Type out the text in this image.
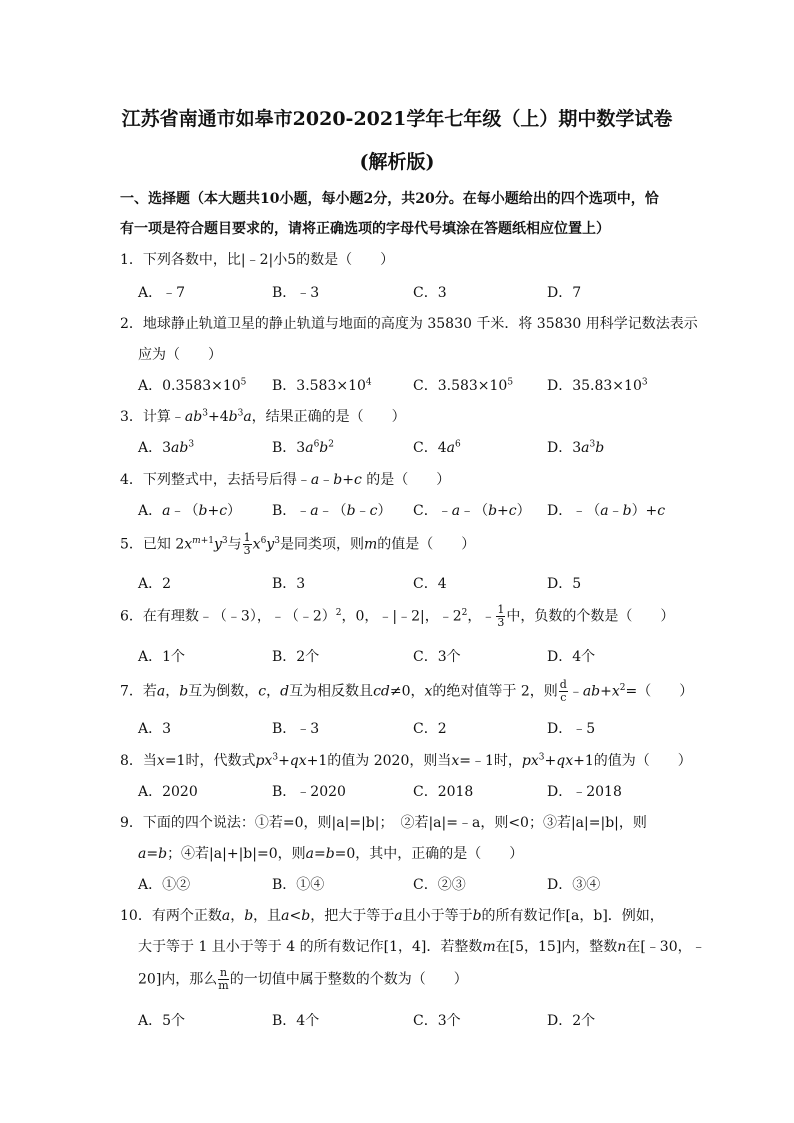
江苏省南通市如皋市2020-2021学年七年级（上）期中数学试卷
(解析版)
一、选择题（本大题共10小题，每小题2分，共20分。在每小题给出的四个选项中，恰
有一项是符合题目要求的，请将正确选项的字母代号填涂在答题纸相应位置上）
1．下列各数中，比|﹣2|小5的数是（　　）
A．﹣7	B．﹣3	C．3	D．7
2．地球静止轨道卫星的静止轨道与地面的高度为 35830 千米．将 35830 用科学记数法表示
应为（　　）
A．$0.3583\times 10^5$ B．$3.583\times 10^4$	C．$3.583\times 10^5$ D．$35.83\times 10^3$
3．计算$﹣ab^3+4b^3a$，结果正确的是（　　）
A．$3ab^3$	B．$3a^6b^2$	C．$4a^6$	D．$3a^3b$
4．下列整式中，去括号后得﹣a﹣b+c 的是（　　）
A．a﹣（b+c） B．﹣a﹣（b﹣c） C．﹣a﹣（b+c） D．﹣（a﹣b）+c
5．已知 $2x^{m+1}y^3$与 $\frac{1}{3} x^6y^3$是同类项，则m的值是（　　）
A．2	B．3	C．4	D．5
6．在有理数﹣（﹣3），﹣（﹣2）$^2$，0，﹣|﹣2|，$﹣2^2$，﹣ $\frac{1}{3}$ 中，负数的个数是（　　）
A．1个	B．2个	C．3个	D．4个
7．若a，b互为倒数，c，d互为相反数且cd≠0，x的绝对值等于 2，则 $\frac{d}{c}$ $﹣ab+x^2=$（　　）
A．3	B．﹣3	C．2	D．﹣5
8．当x=1时，代数式$px^3+qx+1$的值为 2020，则当x=﹣1时，$px^3+qx+1$的值为（　　）
A．2020	B．﹣2020	C．2018	D．﹣2018
9．下面的四个说法：①若=0，则|a|=|b|；　②若|a|=﹣a，则<0；③若|a|=|b|，则
a=b；④若|a|+|b|=0，则a=b=0，其中，正确的是（　　）
A．①②	B．①④	C．②③	D．③④
10．有两个正数a，b，且a<b，把大于等于a且小于等于b的所有数记作[a，b]．例如，
大于等于 1 且小于等于 4 的所有数记作[1，4]．若整数m在[5，15]内，整数n在[﹣30，﹣
20]内，那么 $\frac{n}{m}$ 的一切值中属于整数的个数为（　　）
A．5个	B．4个	C．3个	D．2个
